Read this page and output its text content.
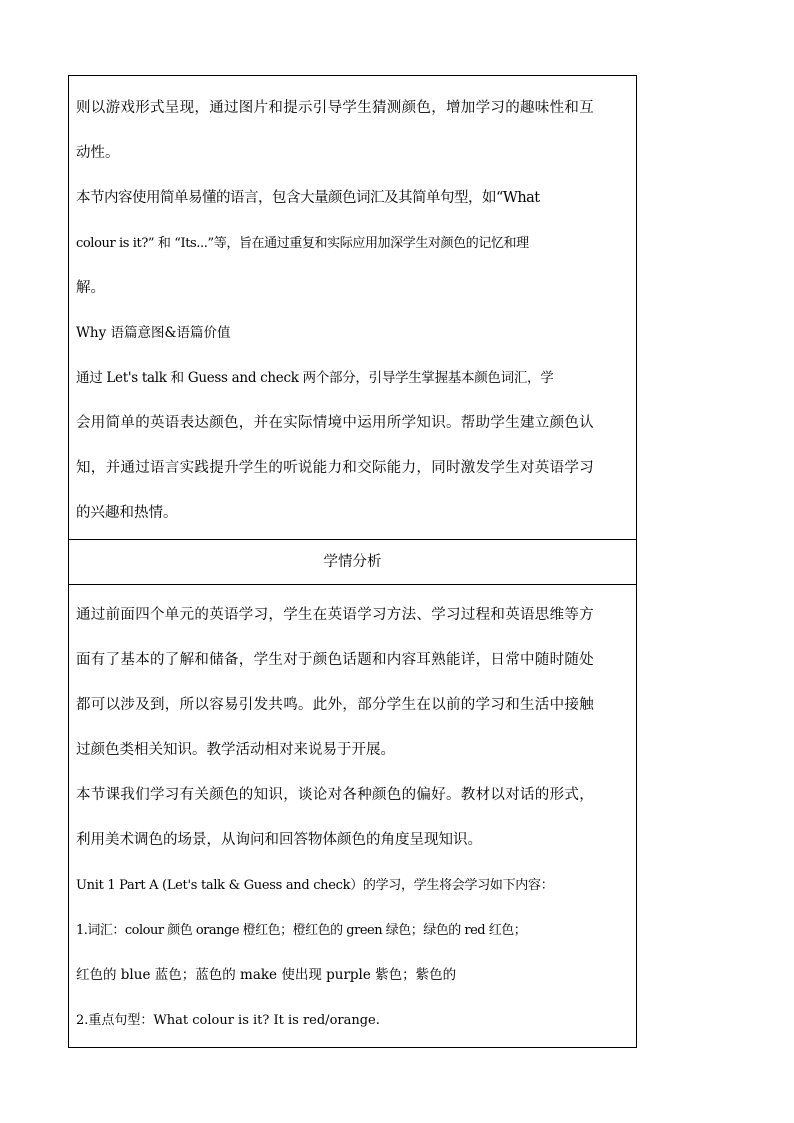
则以游戏形式呈现，通过图片和提示引导学生猜测颜色，增加学习的趣味性和互

动性。

本节内容使用简单易懂的语言，包含大量颜色词汇及其简单句型，如“What

colour is it?” 和 “Its...”等，旨在通过重复和实际应用加深学生对颜色的记忆和理

解。

Why 语篇意图&语篇价值

通过 Let's talk 和 Guess and check 两个部分，引导学生掌握基本颜色词汇，学

会用简单的英语表达颜色，并在实际情境中运用所学知识。帮助学生建立颜色认

知，并通过语言实践提升学生的听说能力和交际能力，同时激发学生对英语学习

的兴趣和热情。

学情分析

通过前面四个单元的英语学习，学生在英语学习方法、学习过程和英语思维等方

面有了基本的了解和储备，学生对于颜色话题和内容耳熟能详，日常中随时随处

都可以涉及到，所以容易引发共鸣。此外，部分学生在以前的学习和生活中接触

过颜色类相关知识。教学活动相对来说易于开展。

本节课我们学习有关颜色的知识，谈论对各种颜色的偏好。教材以对话的形式，

利用美术调色的场景，从询问和回答物体颜色的角度呈现知识。

Unit 1 Part A (Let's talk & Guess and check）的学习，学生将会学习如下内容：

1.词汇：colour 颜色 orange 橙红色；橙红色的 green 绿色；绿色的 red 红色；

红色的 blue 蓝色；蓝色的 make 使出现 purple 紫色；紫色的

2.重点句型：What colour is it? It is red/orange.
